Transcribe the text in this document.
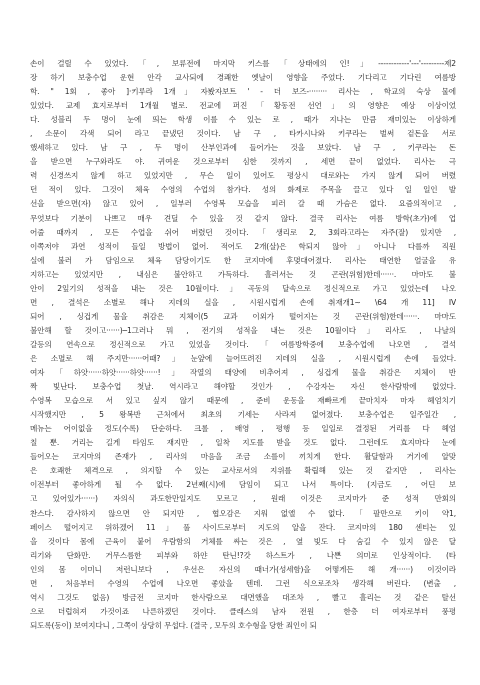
손이 걸릴 수 있었다.「, 보류전에 마지막 키스를「상태에의 인!」------------'---'---------제2
장 하기 보충수업 운현 안각 교사되에 경쾌한 옛날이 영향을 주었다. 기다리고 기다린 여름방
학. " 1회 , 좋아 ]·키루라 1개」자봤자보트 ' - 더 보즈-········ 리사는 , 학교의 숙상 물에
있었다. 교제 효지로부터 1개월 별로. 전교에 퍼진「황동전 선언」의 영향은 예상 이상이었
다. 성블리 두 명이 눈에 띄는 학생 이를 수 있는 로 , 때가 지나는 만큼 재미있는 이상하게
, 소문이 각색 되어 라고 끝냈던 것이다. 남 구 , 타카시나와 키쿠라는 벌써 겉돈을 서로
했세하고 있다. 남 구 , 두 명이 산부인과에 들어가는 것을 보았다. 남 구 , 키쿠라는 돈
을 받으면 누구와라도 야. 귀여운 것으로부터 심한 것까지 , 세면 끝이 없었다. 리사는 극
력 신경쓰지 않게 하고 있었지만 , 무슨 일이 있어도 평상시 대로와는 가지 않게 되어 버렸
던 적이 있다. 그것이 체육 수영의 수업의 참가다. 성의 화제로 주목을 끌고 있다 일 일인 발
선을 받으면(자) 않고 있어 , 일부러 수영복 모습을 피러 갈 때 가슴은 없다. 요즘의적이고 ,
무엇보다 기분이 나쁘고 매우 견딜 수 있을 것 같지 않다. 결국 리사는 여름 방학(초가)에 업
어줄 때까지 , 모든 수업을 쉬어 버렸던 것이다.「생리로 2, 3회라고라는 자주(잘) 있지만 ,
이쪽저야 과연 성적이 들일 방법이 없어. 적어도 2개(살)은 학되지 않아」아니나 다를까 직원
실에 불러 가 담임으로 체육 담당이기도 한 코지마에 후몇대어졌다. 리사는 태연한 얼굴을 유
지하고는 있었지만 , 내심은 불안하고 가득하다. 흘러서는 것 곤란(위험)한데······. 마마도 불
안이 2잎기의 성적을 내는 것은 10월이다.」곡동의 달속으로 정신적으로 가고 있었는데 나오
면 , 결석은 소별로 해나 지데의 실을 , 시원시럽게 손에 취재개1~ \64 개 11] IV
되어 , 싱겁게 물을 취감은 지체이(5 교과 이외가 떨어지는 것 곤란(위험)한데······. 마마도
불안해 할 것이고······)─1그러나 뭐 , 전기의 성적을 내는 것은 10월이다」리사도 , 나날의
갈등의 연속으로 정신적으로 가고 있었을 것이다.「여름방학중에 보충수업에 나오면 , 결석
은 소멸로 해 주지만······어때?」눈앞에 늘어뜨려진 지데의 실을 , 시원시럽게 손에 들었다.
여자「하앗······하앗······하앗······!」작열의 태양에 비추어져 , 싱겁게 물을 취감은 지체이 반
짝 빛난다. 보충수업 첫날. 역시라고 해야할 것인가 , 수강자는 자신 한사람밖에 없었다.
수영복 모습으로 서 있고 싶지 않기 때문에 , 준비 운동을 재빠르게 끝마치자 마자 헤엄치기
시작했지만 , 5 왕복반 근처에서 최초의 기세는 사라져 없어졌다. 보충수업은 일주일간 ,
메뉴는 어이없을 정도(수록) 단순하다. 크롤 , 배영 , 평행 등 일일로 결정된 거리를 다 헤엄
칠 뿐. 거리는 길게 타임도 재지만 , 일착 지도를 받을 것도 없다. 그런데도 효지마다 눈에
들어오는 코지마의 존재가 , 리사의 마음을 조금 소를이 끼치게 한다. 활달함과 거기에 알맞
은 호쾌한 체격으로 , 의지할 수 있는 교사로서의 지위를 확립해 있는 것 같지만 , 리사는
이전부터 좋아하게 될 수 없다. 2년째(시)에 담임이 되고 나서 특이다. (지금도 , 어딘 보
고 있어있가······) 자의식 과도한만일지도 모르고 , 원래 이것은 코지마가 준 성적 만회의
찬스다. 감사하지 않으면 안 되지만 , 협오감은 지워 없앨 수 없다.「팔만으로 키이 약1,
페이스 떨어지고 위하겠어 11」풀 사이드로부터 지도의 알을 잔다. 코지마의 180 센티는 있
을 것이다 몸에 근육이 붙어 우람함의 거체를 싸는 것은 , 옆 빛도 다 숨길 수 있지 않은 달
리기와 단화만. 거무스름한 피부와 하얀 탄닌!?갓 하스트가 , 나쁜 의미로 인상적이다. (타
인의 몸 이미니 저런니보다 , 우선은 자신의 때너가(성세함)을 어떻게든 해 개······) 이것이라
면 , 처음부터 수영의 수업에 나오면 좋았을 텐데. 그런 식으로조차 생각해 버린다. (변출 ,
역시 그것도 없음) 방금전 코지마 한사람으로 대면했을 대조차 , 빨고 흘리는 것 같은 탈선
으로 더럽혀져 가것이죠 나른하겠던 것이다. 클래스의 남자 전원 , 한층 더 여자로부터 풍평
되도록(동이) 보여지다니 , 그쪽이 상당히 무섭다. (결국 , 모두의 호수형을 당한 죄인이 되
